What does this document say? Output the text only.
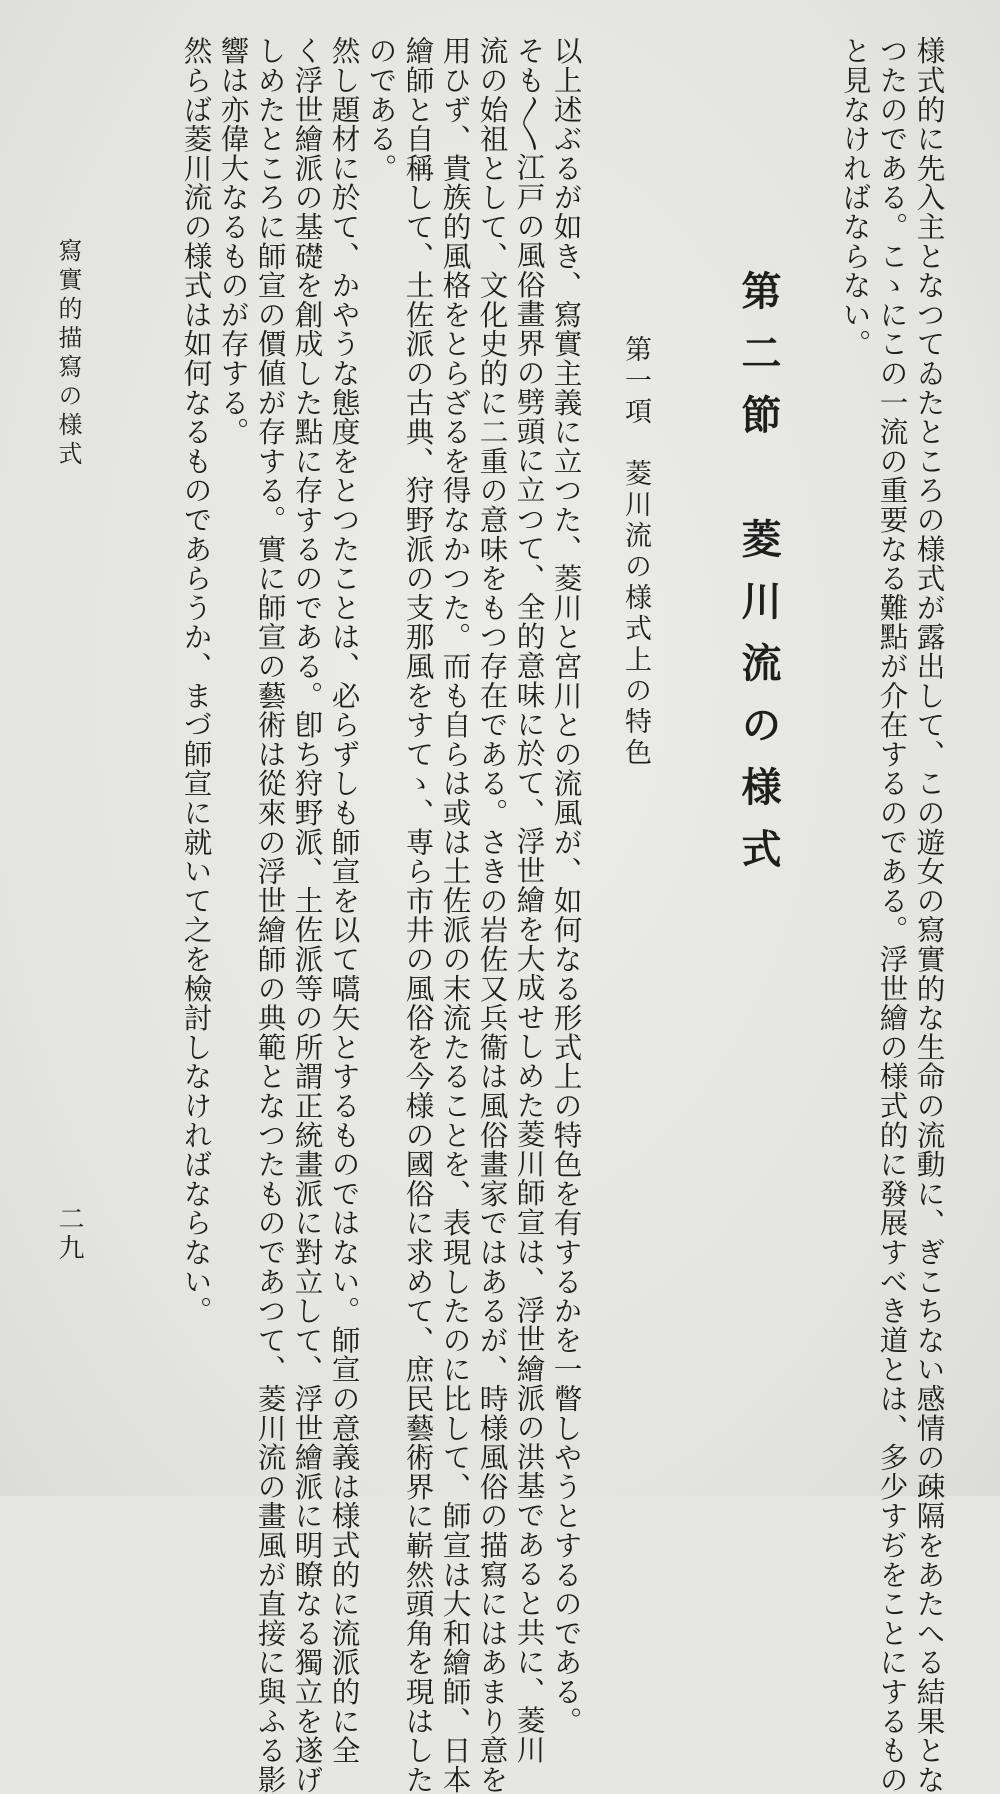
様式的に先入主となつてゐたところの様式が露出して、この遊女の寫實的な生命の流動に、ぎこちない感情の疎隔をあたへる結果とな
つたのである。こゝにこの一流の重要なる難點が介在するのである。浮世繪の様式的に發展すべき道とは、多少すぢをことにするもの
と見なければならない。
第二節　菱川流の様式
第一項　菱川流の様式上の特色
以上述ぶるが如き、寫實主義に立つた、菱川と宮川との流風が、如何なる形式上の特色を有するかを一瞥しやうとするのである。
そも〳〵江戸の風俗畫界の劈頭に立つて、全的意味に於て、浮世繪を大成せしめた菱川師宣は、浮世繪派の洪基であると共に、菱川
流の始祖として、文化史的に二重の意味をもつ存在である。さきの岩佐又兵衞は風俗畫家ではあるが、時様風俗の描寫にはあまり意を
用ひず、貴族的風格をとらざるを得なかつた。而も自らは或は土佐派の末流たることを、表現したのに比して、師宣は大和繪師、日本
繪師と自稱して、土佐派の古典、狩野派の支那風をすてゝ、専ら市井の風俗を今様の國俗に求めて、庶民藝術界に嶄然頭角を現はした
のである。
然し題材に於て、かやうな態度をとつたことは、必らずしも師宣を以て嚆矢とするものではない。師宣の意義は様式的に流派的に全
く浮世繪派の基礎を創成した點に存するのである。卽ち狩野派、土佐派等の所謂正統畫派に對立して、浮世繪派に明瞭なる獨立を遂げ
しめたところに師宣の價値が存する。實に師宣の藝術は從來の浮世繪師の典範となつたものであつて、菱川流の畫風が直接に與ふる影
響は亦偉大なるものが存する。
然らば菱川流の様式は如何なるものであらうか、まづ師宣に就いて之を檢討しなければならない。
寫實的描寫の様式
二九
